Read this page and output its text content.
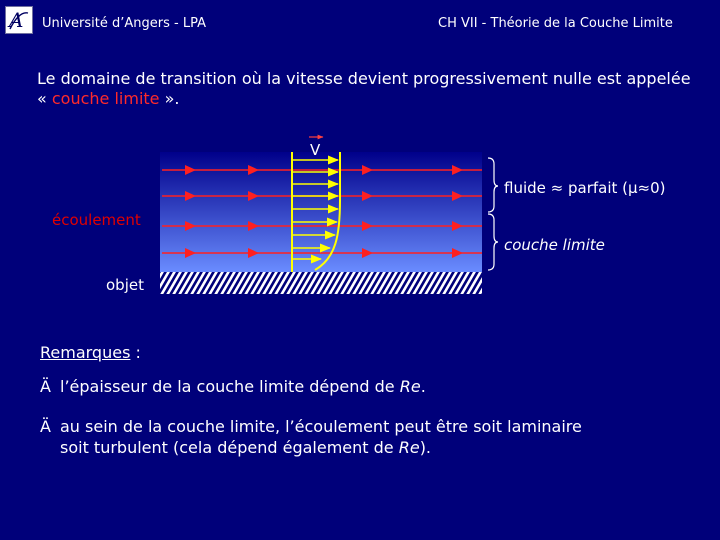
A Université d’Angers - LPA	CH VII - Théorie de la Couche Limite
Le domaine de transition où la vitesse devient progressivement nulle est appelée « couche limite ».
V
écoulement
objet
fluide ≈ parfait (μ≈0)
couche limite
Remarques :
Ä l’épaisseur de la couche limite dépend de Re.
Ä au sein de la couche limite, l’écoulement peut être soit laminaire
soit turbulent (cela dépend également de Re).
